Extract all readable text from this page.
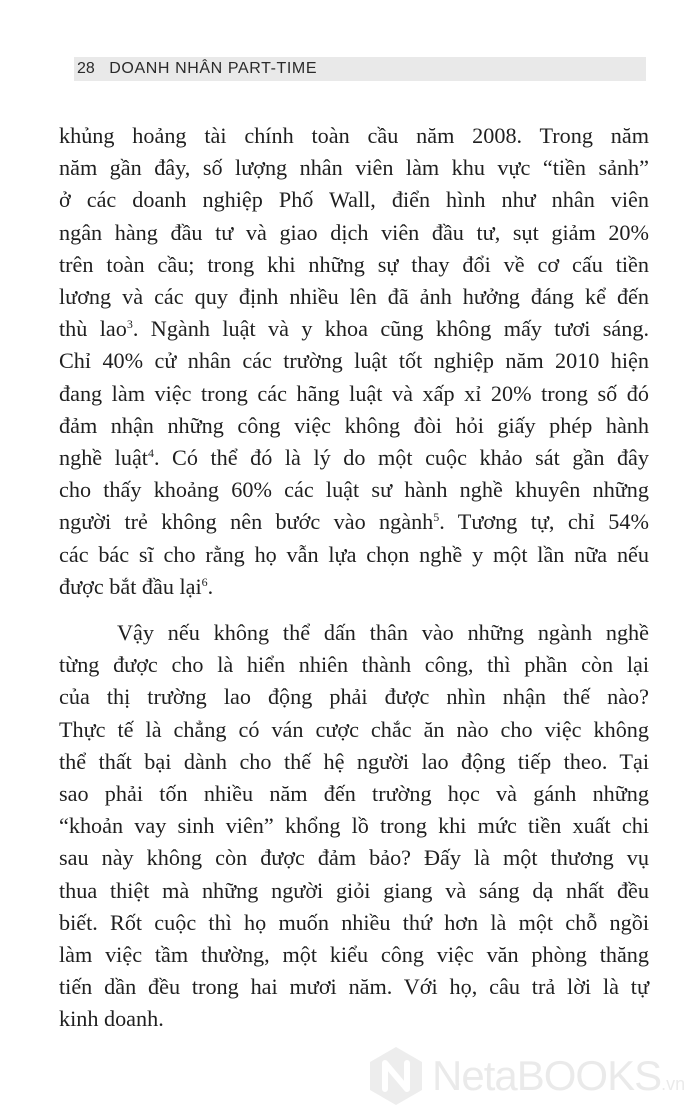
28 DOANH NHÂN PART-TIME
khủng hoảng tài chính toàn cầu năm 2008. Trong năm
năm gần đây, số lượng nhân viên làm khu vực “tiền sảnh”
ở các doanh nghiệp Phố Wall, điển hình như nhân viên
ngân hàng đầu tư và giao dịch viên đầu tư, sụt giảm 20%
trên toàn cầu; trong khi những sự thay đổi về cơ cấu tiền
lương và các quy định nhiều lên đã ảnh hưởng đáng kể đến
thù lao$^3$. Ngành luật và y khoa cũng không mấy tươi sáng.
Chỉ 40% cử nhân các trường luật tốt nghiệp năm 2010 hiện
đang làm việc trong các hãng luật và xấp xỉ 20% trong số đó
đảm nhận những công việc không đòi hỏi giấy phép hành
nghề luật$^4$. Có thể đó là lý do một cuộc khảo sát gần đây
cho thấy khoảng 60% các luật sư hành nghề khuyên những
người trẻ không nên bước vào ngành$^5$. Tương tự, chỉ 54%
các bác sĩ cho rằng họ vẫn lựa chọn nghề y một lần nữa nếu
được bắt đầu lại$^6$.
Vậy nếu không thể dấn thân vào những ngành nghề
từng được cho là hiển nhiên thành công, thì phần còn lại
của thị trường lao động phải được nhìn nhận thế nào?
Thực tế là chẳng có ván cược chắc ăn nào cho việc không
thể thất bại dành cho thế hệ người lao động tiếp theo. Tại
sao phải tốn nhiều năm đến trường học và gánh những
“khoản vay sinh viên” khổng lồ trong khi mức tiền xuất chi
sau này không còn được đảm bảo? Đấy là một thương vụ
thua thiệt mà những người giỏi giang và sáng dạ nhất đều
biết. Rốt cuộc thì họ muốn nhiều thứ hơn là một chỗ ngồi
làm việc tầm thường, một kiểu công việc văn phòng thăng
tiến dần đều trong hai mươi năm. Với họ, câu trả lời là tự
kinh doanh.
NetaBOOKS.vn
